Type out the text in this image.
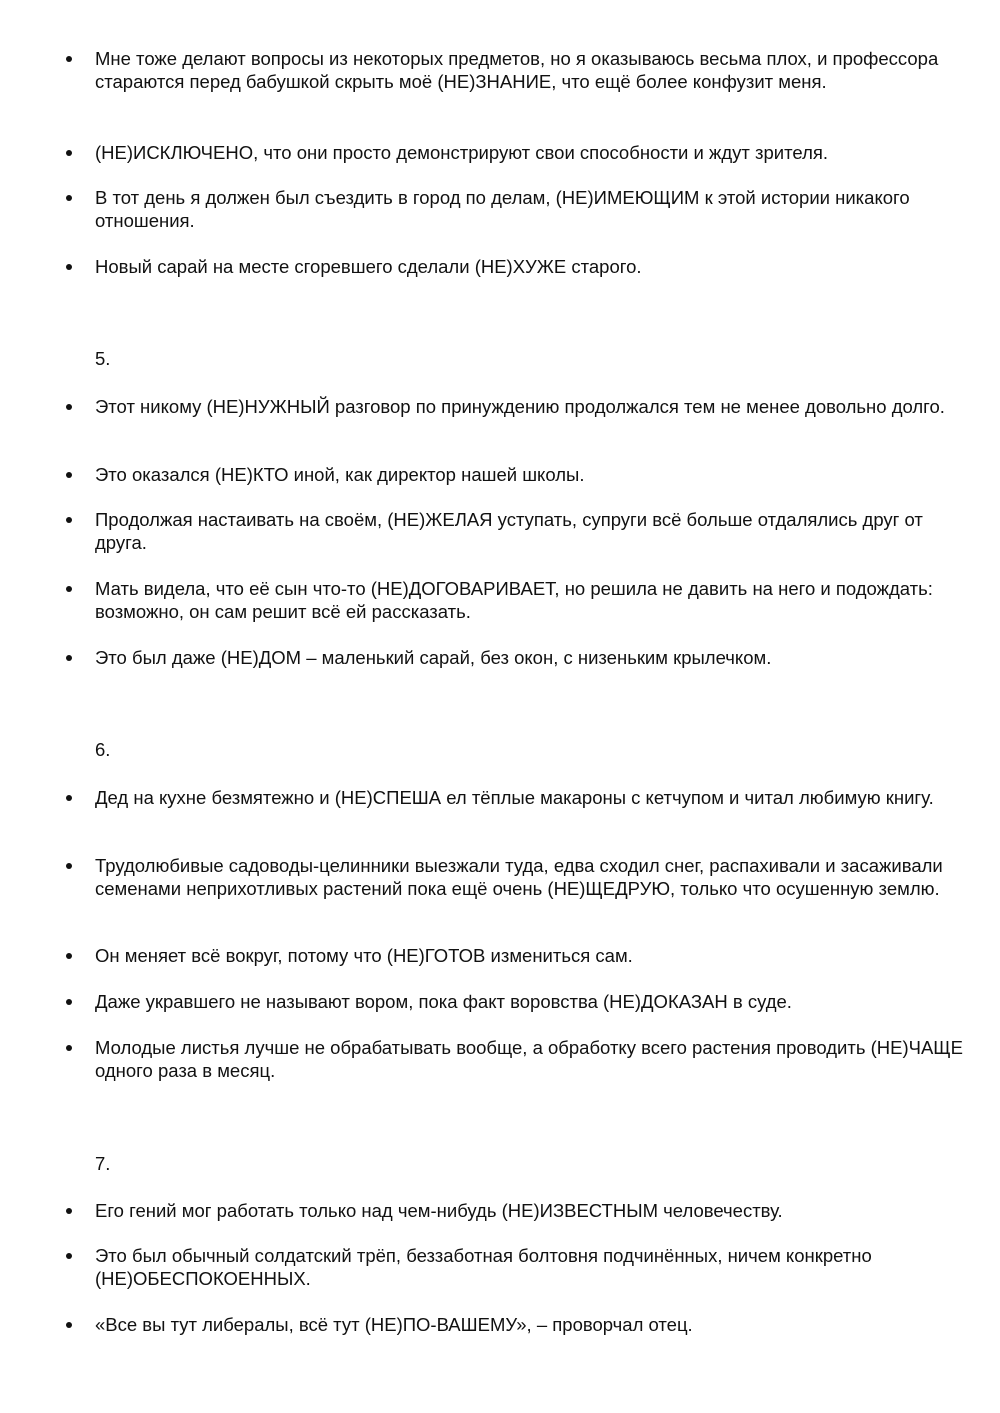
Мне тоже делают вопросы из некоторых предметов, но я оказываюсь весьма плох, и профессора стараются перед бабушкой скрыть моё (НЕ)ЗНАНИЕ, что ещё более конфузит меня.
(НЕ)ИСКЛЮЧЕНО, что они просто демонстрируют свои способности и ждут зрителя.
В тот день я должен был съездить в город по делам, (НЕ)ИМЕЮЩИМ к этой истории никакого отношения.
Новый сарай на месте сгоревшего сделали (НЕ)ХУЖЕ старого.
5.
Этот никому (НЕ)НУЖНЫЙ разговор по принуждению продолжался тем не менее довольно долго.
Это оказался (НЕ)КТО иной, как директор нашей школы.
Продолжая настаивать на своём, (НЕ)ЖЕЛАЯ уступать, супруги всё больше отдалялись друг от друга.
Мать видела, что её сын что-то (НЕ)ДОГОВАРИВАЕТ, но решила не давить на него и подождать: возможно, он сам решит всё ей рассказать.
Это был даже (НЕ)ДОМ – маленький сарай, без окон, с низеньким крылечком.
6.
Дед на кухне безмятежно и (НЕ)СПЕША ел тёплые макароны с кетчупом и читал любимую книгу.
Трудолюбивые садоводы-целинники выезжали туда, едва сходил снег, распахивали и засаживали семенами неприхотливых растений пока ещё очень (НЕ)ЩЕДРУЮ, только что осушенную землю.
Он меняет всё вокруг, потому что (НЕ)ГОТОВ измениться сам.
Даже укравшего не называют вором, пока факт воровства (НЕ)ДОКАЗАН в суде.
Молодые листья лучше не обрабатывать вообще, а обработку всего растения проводить (НЕ)ЧАЩЕ одного раза в месяц.
7.
Его гений мог работать только над чем-нибудь (НЕ)ИЗВЕСТНЫМ человечеству.
Это был обычный солдатский трёп, беззаботная болтовня подчинённых, ничем конкретно (НЕ)ОБЕСПОКОЕННЫХ.
«Все вы тут либералы, всё тут (НЕ)ПО-ВАШЕМУ», – проворчал отец.
